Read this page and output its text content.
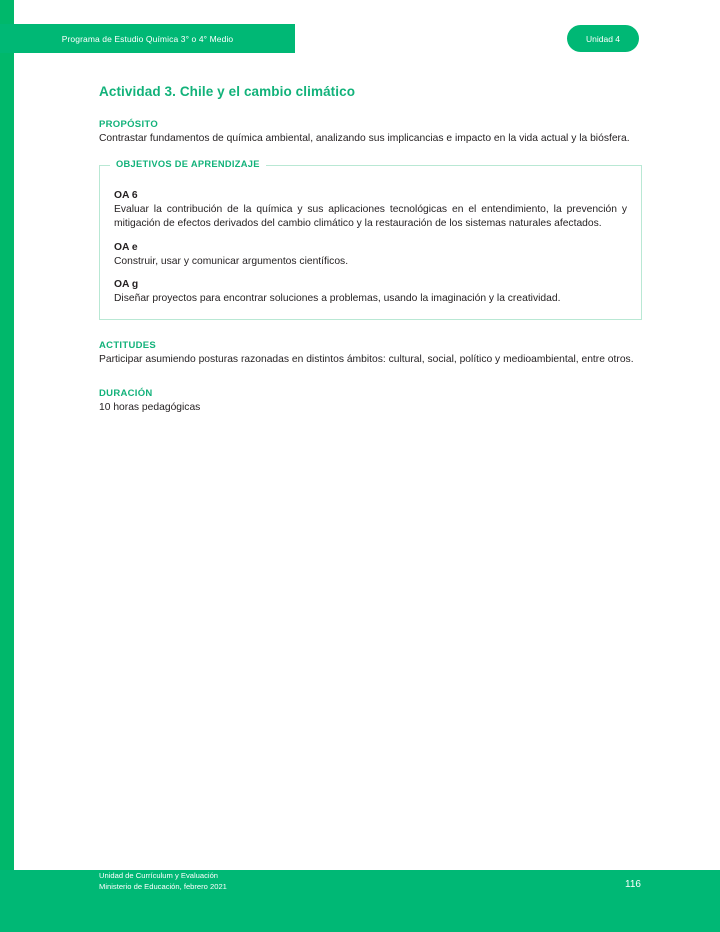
Programa de Estudio Química 3° o 4° Medio	Unidad 4
Actividad 3. Chile y el cambio climático
PROPÓSITO

Contrastar fundamentos de química ambiental, analizando sus implicancias e impacto en la vida actual y la biósfera.

OBJETIVOS DE APRENDIZAJE
OA 6

Evaluar la contribución de la química y sus aplicaciones tecnológicas en el entendimiento, la prevención y mitigación de efectos derivados del cambio climático y la restauración de los sistemas naturales afectados.

OA e

Construir, usar y comunicar argumentos científicos.

OA g

Diseñar proyectos para encontrar soluciones a problemas, usando la imaginación y la creatividad.

ACTITUDES

Participar asumiendo posturas razonadas en distintos ámbitos: cultural, social, político y medioambiental, entre otros.

DURACIÓN

10 horas pedagógicas

Unidad de Currículum y Evaluación
Ministerio de Educación, febrero 2021	116
